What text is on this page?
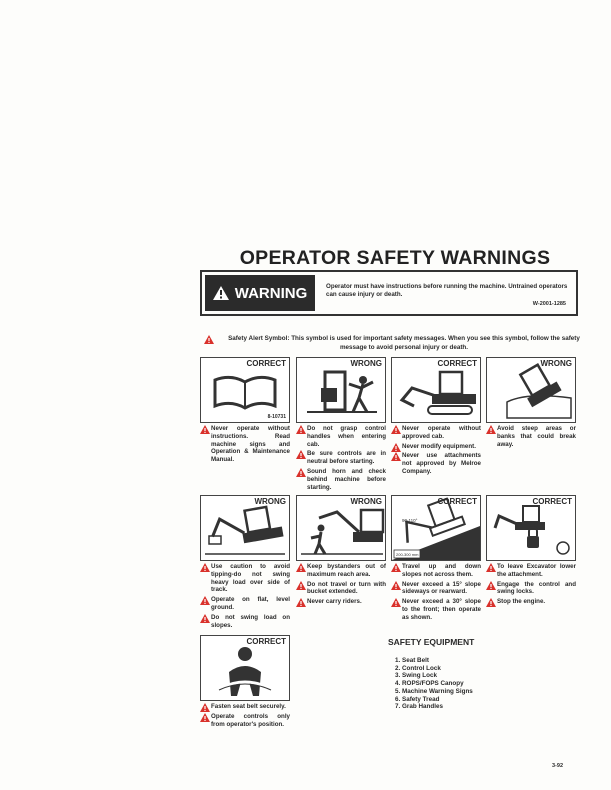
OPERATOR SAFETY WARNINGS
WARNING	Operator must have instructions before running the machine. Untrained operators can cause injury or death.
W-2001-1285
Safety Alert Symbol: This symbol is used for important safety messages. When you see this symbol, follow the safety message to avoid personal injury or death.
CORRECT
8-10731
Never operate without instructions. Read machine signs and Operation & Maintenance Manual.
WRONG
Do not grasp control handles when entering cab.
Be sure controls are in neutral before starting.
Sound horn and check behind machine before starting.
CORRECT
Never operate without approved cab.
Never modify equipment.
Never use attachments not approved by Melroe Company.
WRONG
Avoid steep areas or banks that could break away.
WRONG
Use caution to avoid tipping-do not swing heavy load over side of track.
Operate on flat, level ground.
Do not swing load on slopes.
WRONG
Keep bystanders out of maximum reach area.
Do not travel or turn with bucket extended.
Never carry riders.
90-110°
200-300 mm
CORRECT
Travel up and down slopes not across them.
Never exceed a 15° slope sideways or rearward.
Never exceed a 30° slope to the front; then operate as shown.
CORRECT
To leave Excavator lower the attachment.
Engage the control and swing locks.
Stop the engine.
CORRECT
Fasten seat belt securely.
Operate controls only from operator's position.
SAFETY EQUIPMENT
1. Seat Belt
2. Control Lock
3. Swing Lock
4. ROPS/FOPS Canopy
5. Machine Warning Signs
6. Safety Tread
7. Grab Handles
3-92
